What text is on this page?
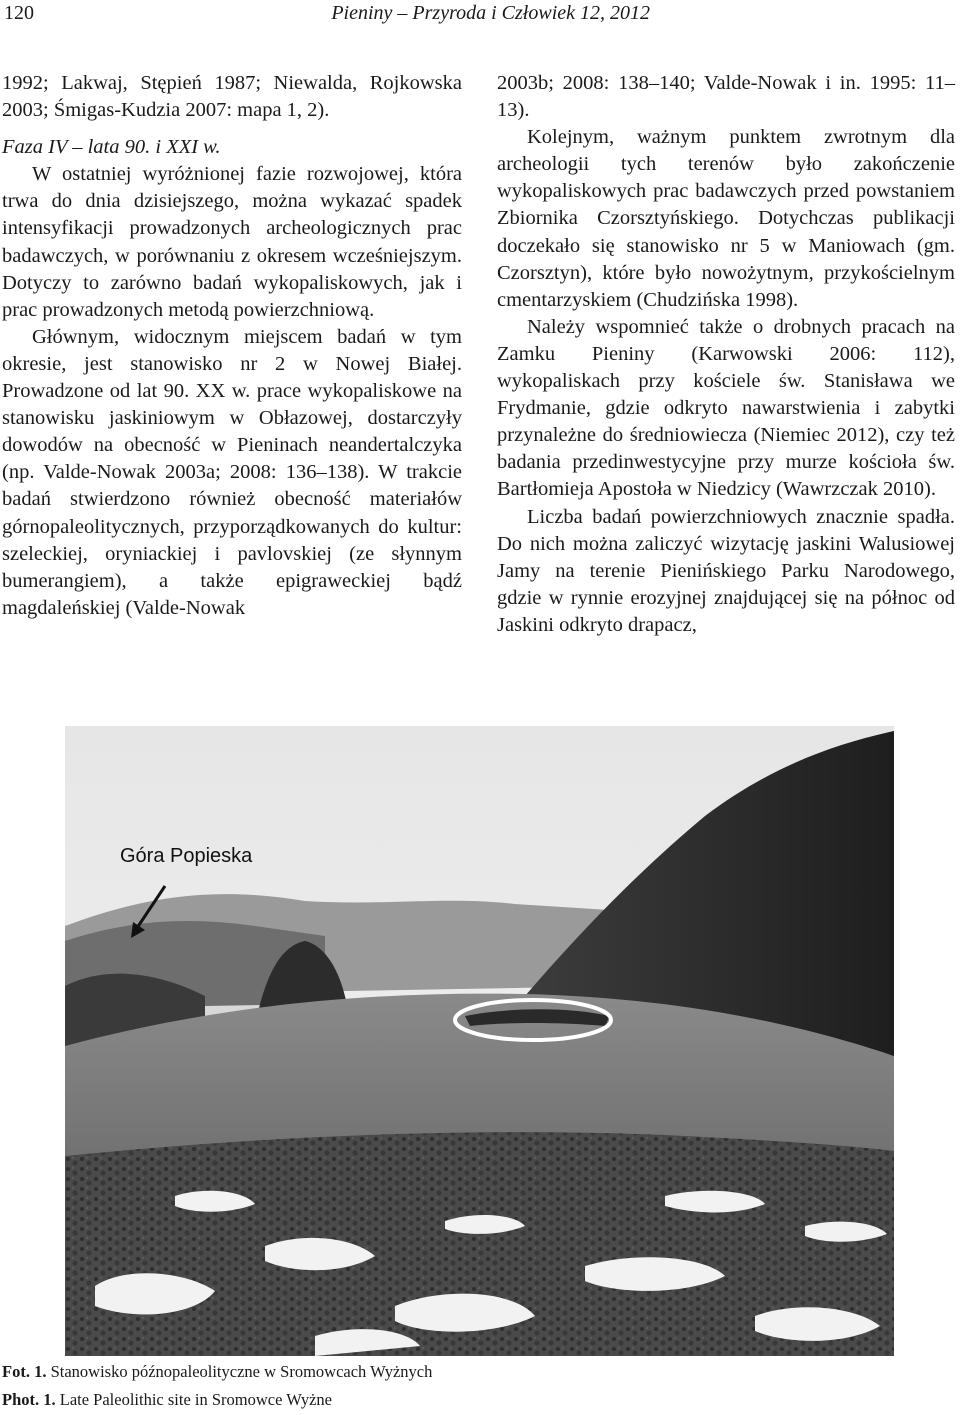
120	Pieniny – Przyroda i Człowiek 12, 2012

1992; Lakwaj, Stępień 1987; Niewalda, Rojkowska 2003; Śmigas-Kudzia 2007: mapa 1, 2).

Faza IV – lata 90. i XXI w.

W ostatniej wyróżnionej fazie rozwojowej, która trwa do dnia dzisiejszego, można wykazać spadek intensyfikacji prowadzonych archeologicznych prac badawczych, w porównaniu z okresem wcześniejszym. Dotyczy to zarówno badań wykopaliskowych, jak i prac prowadzonych metodą powierzchniową.

Głównym, widocznym miejscem badań w tym okresie, jest stanowisko nr 2 w Nowej Białej. Prowadzone od lat 90. XX w. prace wykopaliskowe na stanowisku jaskiniowym w Obłazowej, dostarczyły dowodów na obecność w Pieninach neandertalczyka (np. Valde-Nowak 2003a; 2008: 136–138). W trakcie badań stwierdzono również obecność materiałów górnopaleolitycznych, przyporządkowanych do kultur: szeleckiej, oryniackiej i pavlovskiej (ze słynnym bumerangiem), a także epigraweckiej bądź magdaleńskiej (Valde-Nowak

2003b; 2008: 138–140; Valde-Nowak i in. 1995: 11–13).

Kolejnym, ważnym punktem zwrotnym dla archeologii tych terenów było zakończenie wykopaliskowych prac badawczych przed powstaniem Zbiornika Czorsztyńskiego. Dotychczas publikacji doczekało się stanowisko nr 5 w Maniowach (gm. Czorsztyn), które było nowożytnym, przykościelnym cmentarzyskiem (Chudzińska 1998).

Należy wspomnieć także o drobnych pracach na Zamku Pieniny (Karwowski 2006: 112), wykopaliskach przy kościele św. Stanisława we Frydmanie, gdzie odkryto nawarstwienia i zabytki przynależne do średniowiecza (Niemiec 2012), czy też badania przedinwestycyjne przy murze kościoła św. Bartłomieja Apostoła w Niedzicy (Wawrzczak 2010).

Liczba badań powierzchniowych znacznie spadła. Do nich można zaliczyć wizytację jaskini Walusiowej Jamy na terenie Pienińskiego Parku Narodowego, gdzie w rynnie erozyjnej znajdującej się na północ od Jaskini odkryto drapacz,

Góra Popieska
Fot. 1. Stanowisko późnopaleolityczne w Sromowcach Wyżnych
Phot. 1. Late Paleolithic site in Sromowce Wyżne
